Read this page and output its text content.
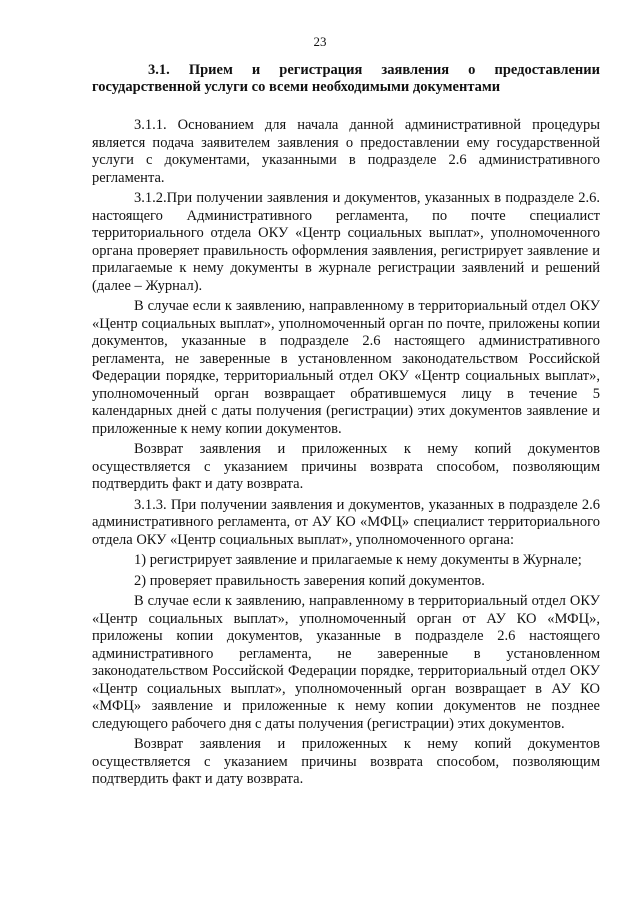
23
3.1. Прием и регистрация заявления о предоставлении
государственной услуги со всеми необходимыми документами

3.1.1. Основанием для начала данной административной процедуры является подача заявителем заявления о предоставлении ему государственной услуги с документами, указанными в подразделе 2.6 административного регламента.

3.1.2.При получении заявления и документов, указанных в подразделе 2.6. настоящего Административного регламента, по почте специалист территориального отдела ОКУ «Центр социальных выплат», уполномоченного органа проверяет правильность оформления заявления, регистрирует заявление и прилагаемые к нему документы в журнале регистрации заявлений и решений (далее – Журнал).

В случае если к заявлению, направленному в территориальный отдел ОКУ «Центр социальных выплат», уполномоченный орган по почте, приложены копии документов, указанные в подразделе 2.6 настоящего административного регламента, не заверенные в установленном законодательством Российской Федерации порядке, территориальный отдел ОКУ «Центр социальных выплат», уполномоченный орган возвращает обратившемуся лицу в течение 5 календарных дней с даты получения (регистрации) этих документов заявление и приложенные к нему копии документов.

Возврат заявления и приложенных к нему копий документов осуществляется с указанием причины возврата способом, позволяющим подтвердить факт и дату возврата.

3.1.3. При получении заявления и документов, указанных в подразделе 2.6 административного регламента, от АУ КО «МФЦ» специалист территориального отдела ОКУ «Центр социальных выплат», уполномоченного органа:

1) регистрирует заявление и прилагаемые к нему документы в Журнале;

2) проверяет правильность заверения копий документов.

В случае если к заявлению, направленному в территориальный отдел ОКУ «Центр социальных выплат», уполномоченный орган от АУ КО «МФЦ», приложены копии документов, указанные в подразделе 2.6 настоящего административного регламента, не заверенные в установленном законодательством Российской Федерации порядке, территориальный отдел ОКУ «Центр социальных выплат», уполномоченный орган возвращает в АУ КО «МФЦ» заявление и приложенные к нему копии документов не позднее следующего рабочего дня с даты получения (регистрации) этих документов.

Возврат заявления и приложенных к нему копий документов осуществляется с указанием причины возврата способом, позволяющим подтвердить факт и дату возврата.
